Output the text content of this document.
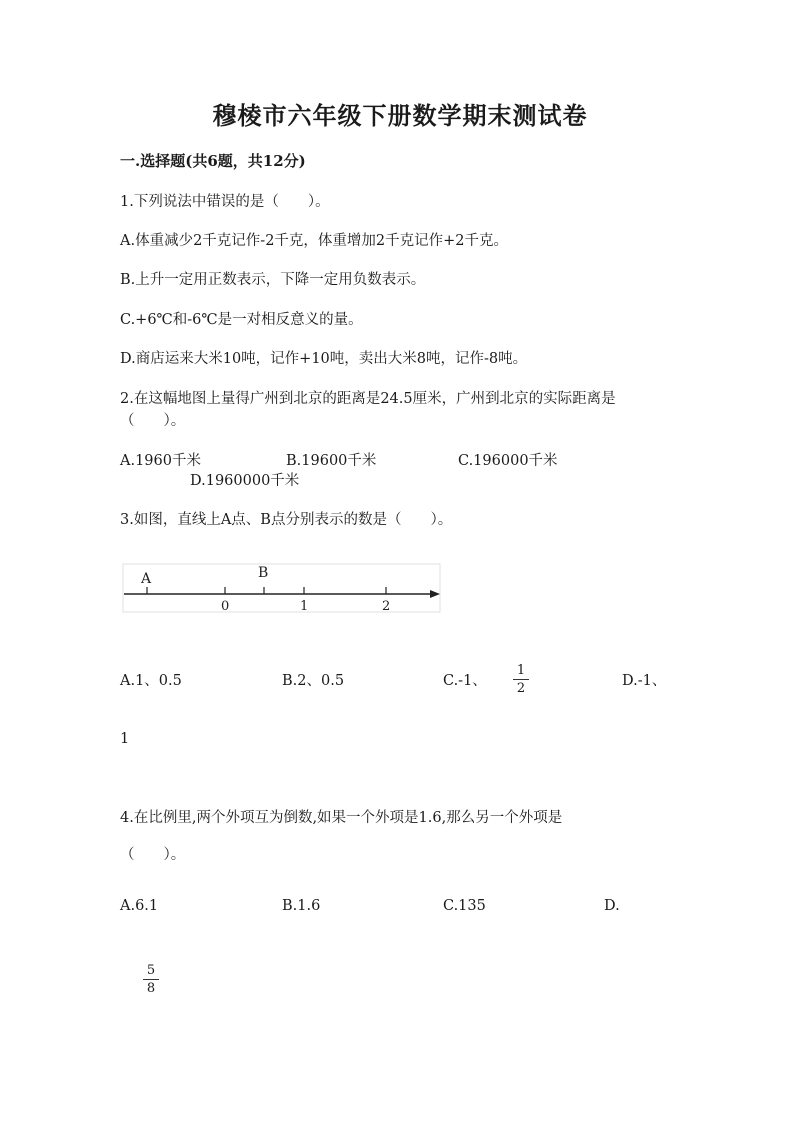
穆棱市六年级下册数学期末测试卷
一.选择题(共6题，共12分)
1.下列说法中错误的是（　　）。
A.体重减少2千克记作-2千克，体重增加2千克记作+2千克。
B.上升一定用正数表示，下降一定用负数表示。
C.+6℃和-6℃是一对相反意义的量。
D.商店运来大米10吨，记作+10吨，卖出大米8吨，记作-8吨。
2.在这幅地图上量得广州到北京的距离是24.5厘米，广州到北京的实际距离是
（　　）。
A.1960千米	B.19600千米	C.196000千米
D.1960000千米
3.如图，直线上A点、B点分别表示的数是（　　）。
A	B
0	1	2
A.1、0.5	B.2、0.5	C.-1、
1
2	D.-1、
1
4.在比例里,两个外项互为倒数,如果一个外项是1.6,那么另一个外项是
（　　）。
A.6.1	B.1.6	C.135	D.
5
8
